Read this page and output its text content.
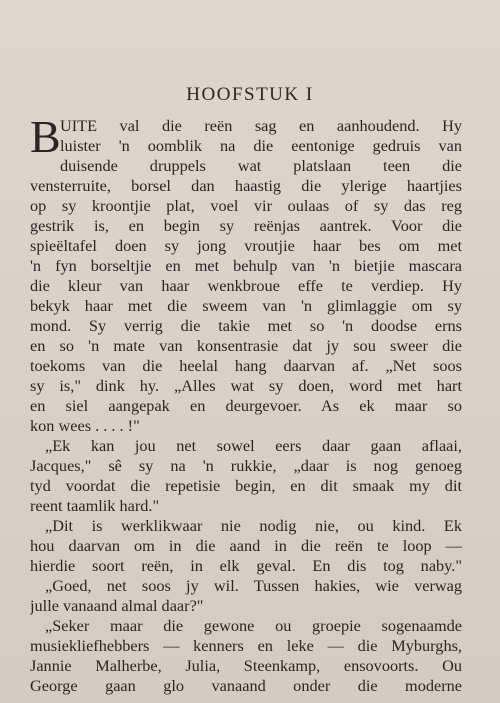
HOOFSTUK I
B UITE val die reën sag en aanhoudend. Hy
luister 'n oomblik na die eentonige gedruis van
duisende druppels wat platslaan teen die
vensterruite, borsel dan haastig die ylerige haartjies
op sy kroontjie plat, voel vir oulaas of sy das reg
gestrik is, en begin sy reënjas aantrek. Voor die
spieëltafel doen sy jong vroutjie haar bes om met
'n fyn borseltjie en met behulp van 'n bietjie mascara
die kleur van haar wenkbroue effe te verdiep. Hy
bekyk haar met die sweem van 'n glimlaggie om sy
mond. Sy verrig die takie met so 'n doodse erns
en so 'n mate van konsentrasie dat jy sou sweer die
toekoms van die heelal hang daarvan af. „Net soos
sy is," dink hy. „Alles wat sy doen, word met hart
en siel aangepak en deurgevoer. As ek maar so
kon wees . . . . !"
„Ek kan jou net sowel eers daar gaan aflaai,
Jacques," sê sy na 'n rukkie, „daar is nog genoeg
tyd voordat die repetisie begin, en dit smaak my dit
reent taamlik hard."
„Dit is werklikwaar nie nodig nie, ou kind. Ek
hou daarvan om in die aand in die reën te loop —
hierdie soort reën, in elk geval. En dis tog naby."
„Goed, net soos jy wil. Tussen hakies, wie verwag
julle vanaand almal daar?"
„Seker maar die gewone ou groepie sogenaamde
musiekliefhebbers — kenners en leke — die Myburghs,
Jannie Malherbe, Julia, Steenkamp, ensovoorts. Ou
George gaan glo vanaand onder die moderne
